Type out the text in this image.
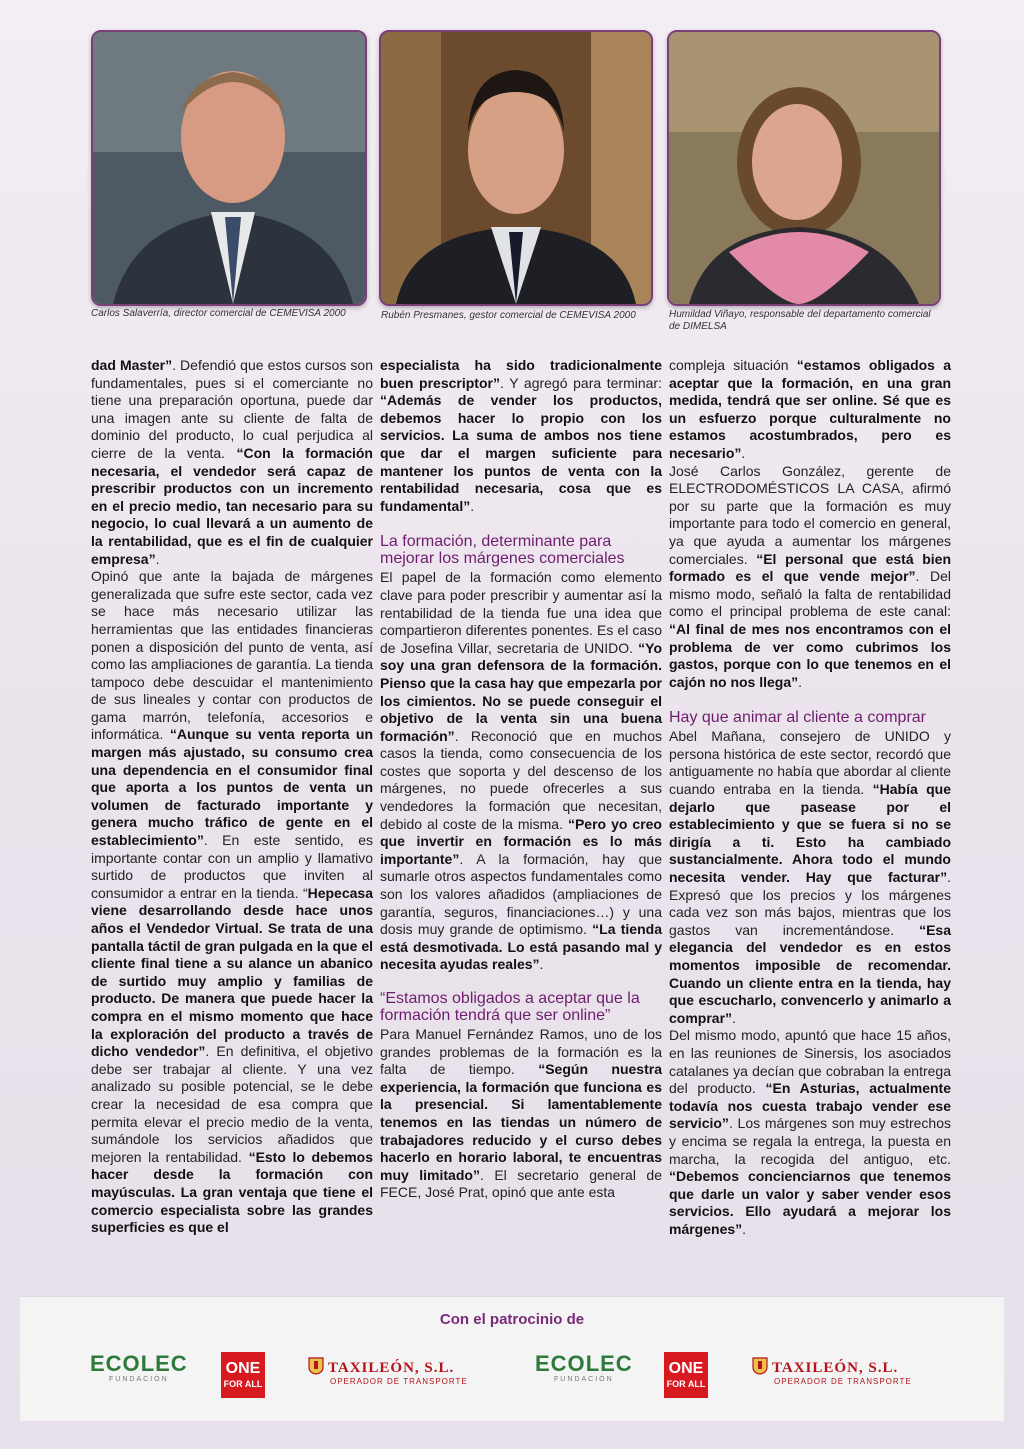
Carlos Salaverría, director comercial de CEMEVISA 2000	Rubén Presmanes, gestor comercial de CEMEVISA 2000	Humildad Viñayo, responsable del departamento comercial de DIMELSA

dad Master”. Defendió que estos cursos son fundamentales, pues si el comerciante no tiene una preparación oportuna, puede dar una imagen ante su cliente de falta de dominio del producto, lo cual perjudica al cierre de la venta. “Con la formación necesaria, el vendedor será capaz de prescribir productos con un incremento en el precio medio, tan necesario para su negocio, lo cual llevará a un aumento de la rentabilidad, que es el fin de cualquier empresa”.

Opinó que ante la bajada de márgenes generalizada que sufre este sector, cada vez se hace más necesario utilizar las herramientas que las entidades financieras ponen a disposición del punto de venta, así como las ampliaciones de garantía. La tienda tampoco debe descuidar el mantenimiento de sus lineales y contar con productos de gama marrón, telefonía, accesorios e informática. “Aunque su venta reporta un margen más ajustado, su consumo crea una dependencia en el consumidor final que aporta a los puntos de venta un volumen de facturado importante y genera mucho tráfico de gente en el establecimiento”. En este sentido, es importante contar con un amplio y llamativo surtido de productos que inviten al consumidor a entrar en la tienda. “Hepecasa viene desarrollando desde hace unos años el Vendedor Virtual. Se trata de una pantalla táctil de gran pulgada en la que el cliente final tiene a su alance un abanico de surtido muy amplio y familias de producto. De manera que puede hacer la compra en el mismo momento que hace la exploración del producto a través de dicho vendedor”. En definitiva, el objetivo debe ser trabajar al cliente. Y una vez analizado su posible potencial, se le debe crear la necesidad de esa compra que permita elevar el precio medio de la venta, sumándole los servicios añadidos que mejoren la rentabilidad. “Esto lo debemos hacer desde la formación con mayúsculas. La gran ventaja que tiene el comercio especialista sobre las grandes superficies es que el

especialista ha sido tradicionalmente buen prescriptor”. Y agregó para terminar: “Además de vender los productos, debemos hacer lo propio con los servicios. La suma de ambos nos tiene que dar el margen suficiente para mantener los puntos de venta con la rentabilidad necesaria, cosa que es fundamental”.

La formación, determinante para mejorar los márgenes comerciales

El papel de la formación como elemento clave para poder prescribir y aumentar así la rentabilidad de la tienda fue una idea que compartieron diferentes ponentes. Es el caso de Josefina Villar, secretaria de UNIDO. “Yo soy una gran defensora de la formación. Pienso que la casa hay que empezarla por los cimientos. No se puede conseguir el objetivo de la venta sin una buena formación”. Reconoció que en muchos casos la tienda, como consecuencia de los costes que soporta y del descenso de los márgenes, no puede ofrecerles a sus vendedores la formación que necesitan, debido al coste de la misma. “Pero yo creo que invertir en formación es lo más importante”. A la formación, hay que sumarle otros aspectos fundamentales como son los valores añadidos (ampliaciones de garantía, seguros, financiaciones…) y una dosis muy grande de optimismo. “La tienda está desmotivada. Lo está pasando mal y necesita ayudas reales”.

“Estamos obligados a aceptar que la formación tendrá que ser online”

Para Manuel Fernández Ramos, uno de los grandes problemas de la formación es la falta de tiempo. “Según nuestra experiencia, la formación que funciona es la presencial. Si lamentablemente tenemos en las tiendas un número de trabajadores reducido y el curso debes hacerlo en horario laboral, te encuentras muy limitado”. El secretario general de FECE, José Prat, opinó que ante esta

compleja situación “estamos obligados a aceptar que la formación, en una gran medida, tendrá que ser online. Sé que es un esfuerzo porque culturalmente no estamos acostumbrados, pero es necesario”.

José Carlos González, gerente de ELECTRODOMÉSTICOS LA CASA, afirmó por su parte que la formación es muy importante para todo el comercio en general, ya que ayuda a aumentar los márgenes comerciales. “El personal que está bien formado es el que vende mejor”. Del mismo modo, señaló la falta de rentabilidad como el principal problema de este canal: “Al final de mes nos encontramos con el problema de ver como cubrimos los gastos, porque con lo que tenemos en el cajón no nos llega”.

Hay que animar al cliente a comprar

Abel Mañana, consejero de UNIDO y persona histórica de este sector, recordó que antiguamente no había que abordar al cliente cuando entraba en la tienda. “Había que dejarlo que pasease por el establecimiento y que se fuera si no se dirigía a ti. Esto ha cambiado sustancialmente. Ahora todo el mundo necesita vender. Hay que facturar”. Expresó que los precios y los márgenes cada vez son más bajos, mientras que los gastos van incrementándose. “Esa elegancia del vendedor es en estos momentos imposible de recomendar. Cuando un cliente entra en la tienda, hay que escucharlo, convencerlo y animarlo a comprar”.

Del mismo modo, apuntó que hace 15 años, en las reuniones de Sinersis, los asociados catalanes ya decían que cobraban la entrega del producto. “En Asturias, actualmente todavía nos cuesta trabajo vender ese servicio”. Los márgenes son muy estrechos y encima se regala la entrega, la puesta en marcha, la recogida del antiguo, etc. “Debemos concienciarnos que tenemos que darle un valor y saber vender esos servicios. Ello ayudará a mejorar los márgenes”.

Con el patrocinio de
ECOLEC
FUNDACIÓN
ONE
FOR ALL
TAXILEÓN, S.L.
OPERADOR DE TRANSPORTE
ECOLEC
FUNDACIÓN
ONE
FOR ALL
TAXILEÓN, S.L.
OPERADOR DE TRANSPORTE
